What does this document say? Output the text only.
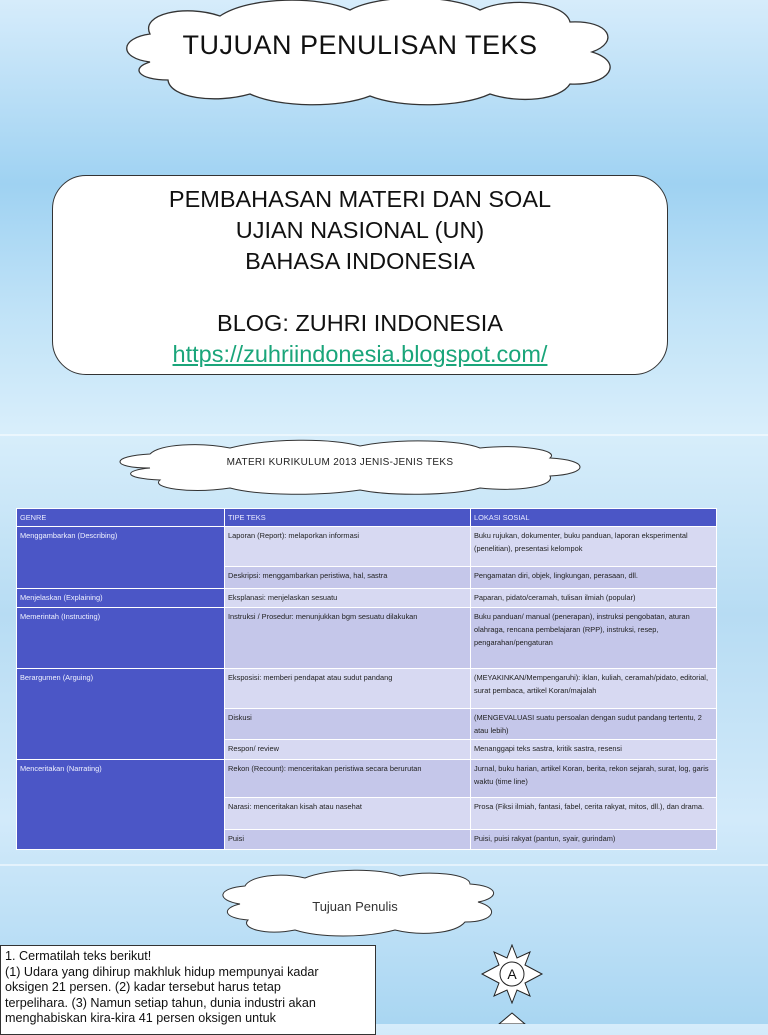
TUJUAN PENULISAN TEKS
PEMBAHASAN MATERI DAN SOAL
UJIAN NASIONAL (UN)
BAHASA INDONESIA
BLOG: ZUHRI INDONESIA
https://zuhriindonesia.blogspot.com/
MATERI KURIKULUM 2013 JENIS-JENIS TEKS
GENRE	TIPE TEKS	LOKASI SOSIAL
Menggambarkan (Describing)	Laporan (Report): melaporkan informasi	Buku rujukan, dokumenter, buku panduan, laporan eksperimental (penelitian), presentasi kelompok
	Deskripsi: menggambarkan peristiwa, hal, sastra	Pengamatan diri, objek, lingkungan, perasaan, dll.
Menjelaskan (Explaining)	Eksplanasi: menjelaskan sesuatu	Paparan, pidato/ceramah, tulisan ilmiah (popular)
Memerintah (Instructing)	Instruksi / Prosedur: menunjukkan bgm sesuatu dilakukan	Buku panduan/ manual (penerapan), instruksi pengobatan, aturan olahraga, rencana pembelajaran (RPP), instruksi, resep, pengarahan/pengaturan
Berargumen (Arguing)	Eksposisi: memberi pendapat atau sudut pandang	(MEYAKINKAN/Mempengaruhi): iklan, kuliah, ceramah/pidato, editorial, surat pembaca, artikel Koran/majalah
	Diskusi	(MENGEVALUASI suatu persoalan dengan sudut pandang tertentu, 2 atau lebih)
	Respon/ review	Menanggapi teks sastra, kritik sastra, resensi
Menceritakan (Narrating)	Rekon (Recount): menceritakan peristiwa secara berurutan	Jurnal, buku harian, artikel Koran, berita, rekon sejarah, surat, log, garis waktu (time line)
	Narasi: menceritakan kisah atau nasehat	Prosa (Fiksi ilmiah, fantasi, fabel, cerita rakyat, mitos, dll.), dan drama.
	Puisi	Puisi, puisi rakyat (pantun, syair, gurindam)
Tujuan Penulis

1. Cermatilah teks berikut!

(1) Udara yang dihirup makhluk hidup mempunyai kadar

oksigen 21 persen. (2) kadar tersebut harus tetap

terpelihara. (3) Namun setiap tahun, dunia industri akan

menghabiskan kira-kira 41 persen oksigen untuk

A
